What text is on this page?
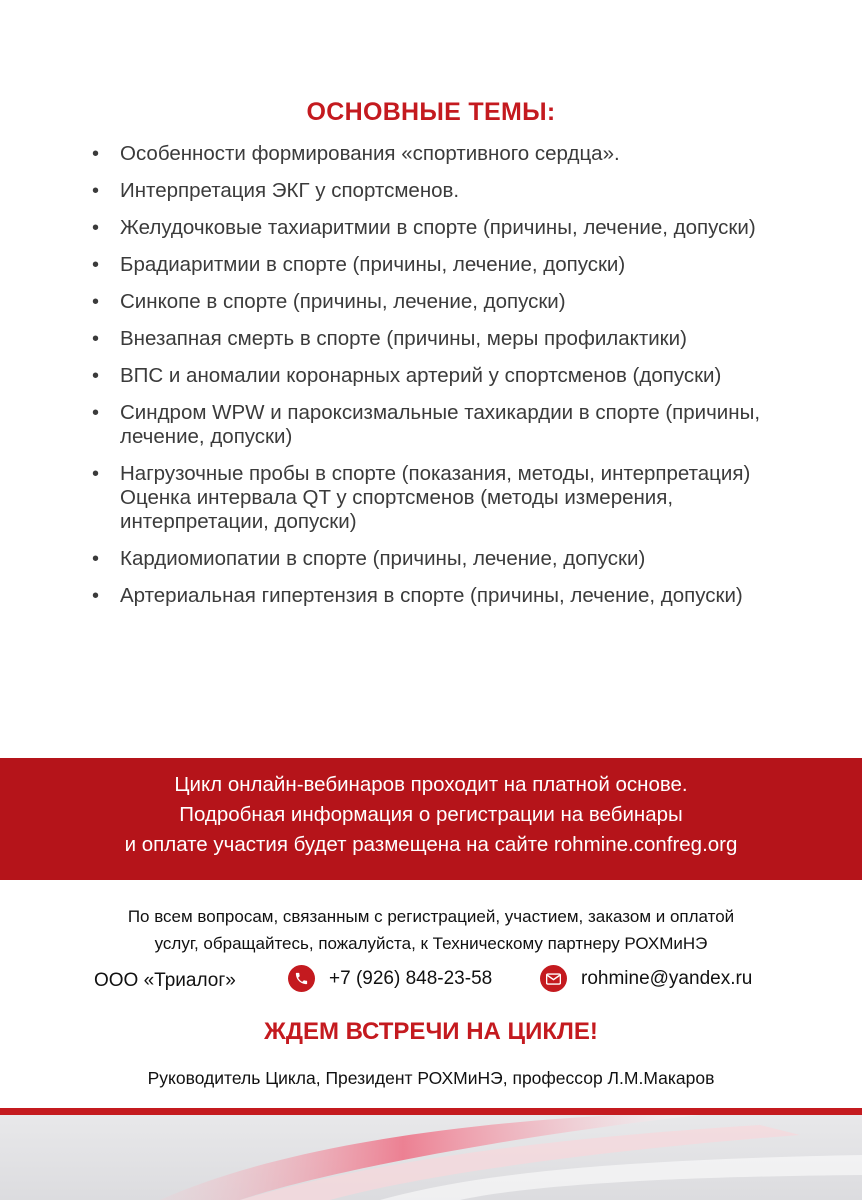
ОСНОВНЫЕ ТЕМЫ:
• Особенности формирования «спортивного сердца».
• Интерпретация ЭКГ у спортсменов.
• Желудочковые тахиаритмии в спорте (причины, лечение, допуски)
• Брадиаритмии в спорте (причины, лечение, допуски)
• Синкопе в спорте (причины, лечение, допуски)
• Внезапная смерть в спорте (причины, меры профилактики)
• ВПС и аномалии коронарных артерий у спортсменов (допуски)
• Синдром WPW и пароксизмальные тахикардии в спорте (причины, лечение, допуски)
• Нагрузочные пробы в спорте (показания, методы, интерпретация)
Оценка интервала QT у спортсменов (методы измерения, интерпретации, допуски)
• Кардиомиопатии в спорте (причины, лечение, допуски)
• Артериальная гипертензия в спорте (причины, лечение, допуски)
Цикл онлайн-вебинаров проходит на платной основе.
Подробная информация о регистрации на вебинары
и оплате участия будет размещена на сайте rohmine.confreg.org
По всем вопросам, связанным с регистрацией, участием, заказом и оплатой
услуг, обращайтесь, пожалуйста, к Техническому партнеру РОХМиНЭ
ООО «Триалог»	+7 (926) 848-23-58	rohmine@yandex.ru
ЖДЕМ ВСТРЕЧИ НА ЦИКЛЕ!
Руководитель Цикла, Президент РОХМиНЭ, профессор Л.М.Макаров
